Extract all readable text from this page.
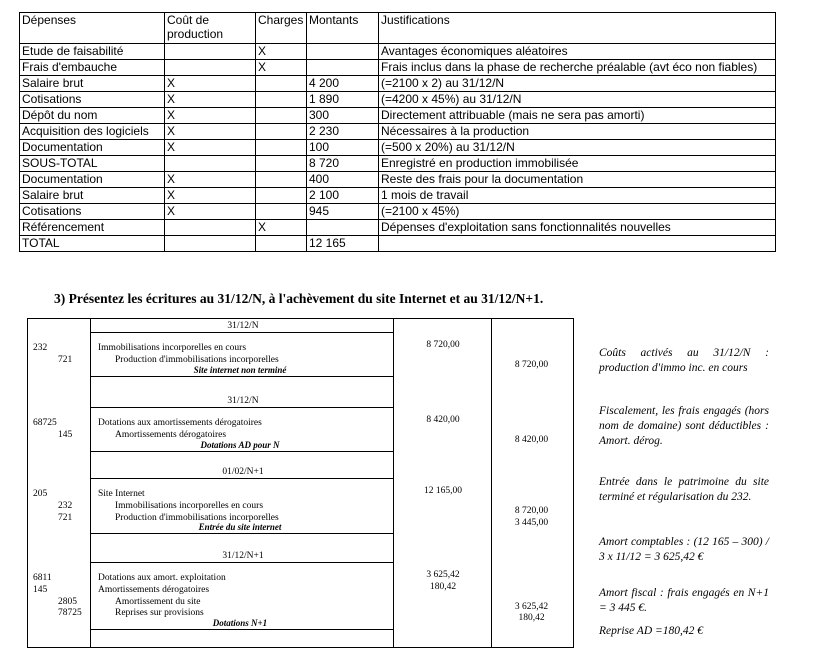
Dépenses	Coût de production	Charges	Montants	Justifications
Etude de faisabilité		X		Avantages économiques aléatoires
Frais d'embauche		X		Frais inclus dans la phase de recherche préalable (avt éco non fiables)
Salaire brut	X		4 200	(=2100 x 2) au 31/12/N
Cotisations	X		1 890	(=4200 x 45%) au 31/12/N
Dépôt du nom	X		300	Directement attribuable (mais ne sera pas amorti)
Acquisition des logiciels	X		2 230	Nécessaires à la production
Documentation	X		100	(=500 x 20%) au 31/12/N
SOUS-TOTAL			8 720	Enregistré en production immobilisée
Documentation	X		400	Reste des frais pour la documentation
Salaire brut	X		2 100	1 mois de travail
Cotisations	X		945	(=2100 x 45%)
Référencement		X		Dépenses d'exploitation sans fonctionnalités nouvelles
TOTAL			12 165	
3) Présentez les écritures au 31/12/N, à l'achèvement du site Internet et au 31/12/N+1.
31/12/N
232	Immobilisations incorporelles en cours	8 720,00
721	Production d'immobilisations incorporelles	8 720,00
Site internet non terminé
31/12/N
68725	Dotations aux amortissements dérogatoires	8 420,00
145	Amortissements dérogatoires	8 420,00
Dotations AD pour N
01/02/N+1
205	Site Internet	12 165,00
232	Immobilisations incorporelles en cours	8 720,00
721	Production d'immobilisations incorporelles	3 445,00
Entrée du site internet
31/12/N+1
6811	Dotations aux amort. exploitation	3 625,42
145	Amortissements dérogatoires	180,42
2805	Amortissement du site	3 625,42
78725	Reprises sur provisions	180,42
Dotations N+1
Coûts activés au 31/12/N : production d'immo inc. en cours
Fiscalement, les frais engagés (hors nom de domaine) sont déductibles : Amort. dérog.
Entrée dans le patrimoine du site terminé et régularisation du 232.
Amort comptables : (12 165 – 300) / 3 x 11/12 = 3 625,42 €
Amort fiscal : frais engagés en N+1 = 3 445 €.
Reprise AD =180,42 €
